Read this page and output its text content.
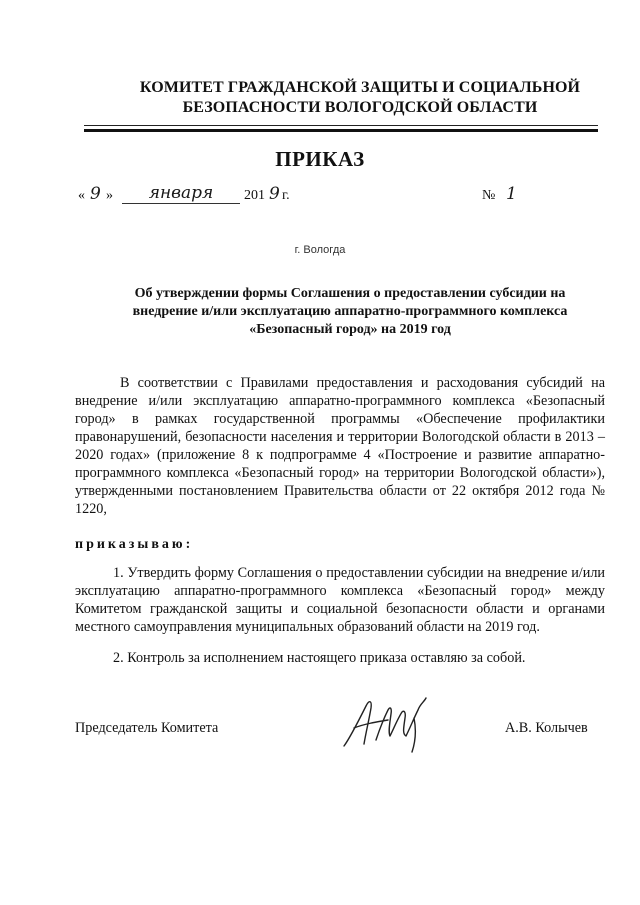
КОМИТЕТ ГРАЖДАНСКОЙ ЗАЩИТЫ И СОЦИАЛЬНОЙ
БЕЗОПАСНОСТИ ВОЛОГОДСКОЙ ОБЛАСТИ
ПРИКАЗ
« 9 »	января	201 9 г.	№ 1
г. Вологда
Об утверждении формы Соглашения о предоставлении субсидии на
внедрение и/или эксплуатацию аппаратно-программного комплекса
«Безопасный город» на 2019 год
В соответствии с Правилами предоставления и расходования субсидий на внедрение и/или эксплуатацию аппаратно-программного комплекса «Безопасный город» в рамках государственной программы «Обеспечение профилактики правонарушений, безопасности населения и территории Вологодской области в 2013 – 2020 годах» (приложение 8 к подпрограмме 4 «Построение и развитие аппаратно-программного комплекса «Безопасный город» на территории Вологодской области»), утвержденными постановлением Правительства области от 22 октября 2012 года № 1220,
приказываю:
1. Утвердить форму Соглашения о предоставлении субсидии на внедрение и/или эксплуатацию аппаратно-программного комплекса «Безопасный город» между Комитетом гражданской защиты и социальной безопасности области и органами местного самоуправления муниципальных образований области на 2019 год.
2. Контроль за исполнением настоящего приказа оставляю за собой.
Председатель Комитета	А.В. Колычев
